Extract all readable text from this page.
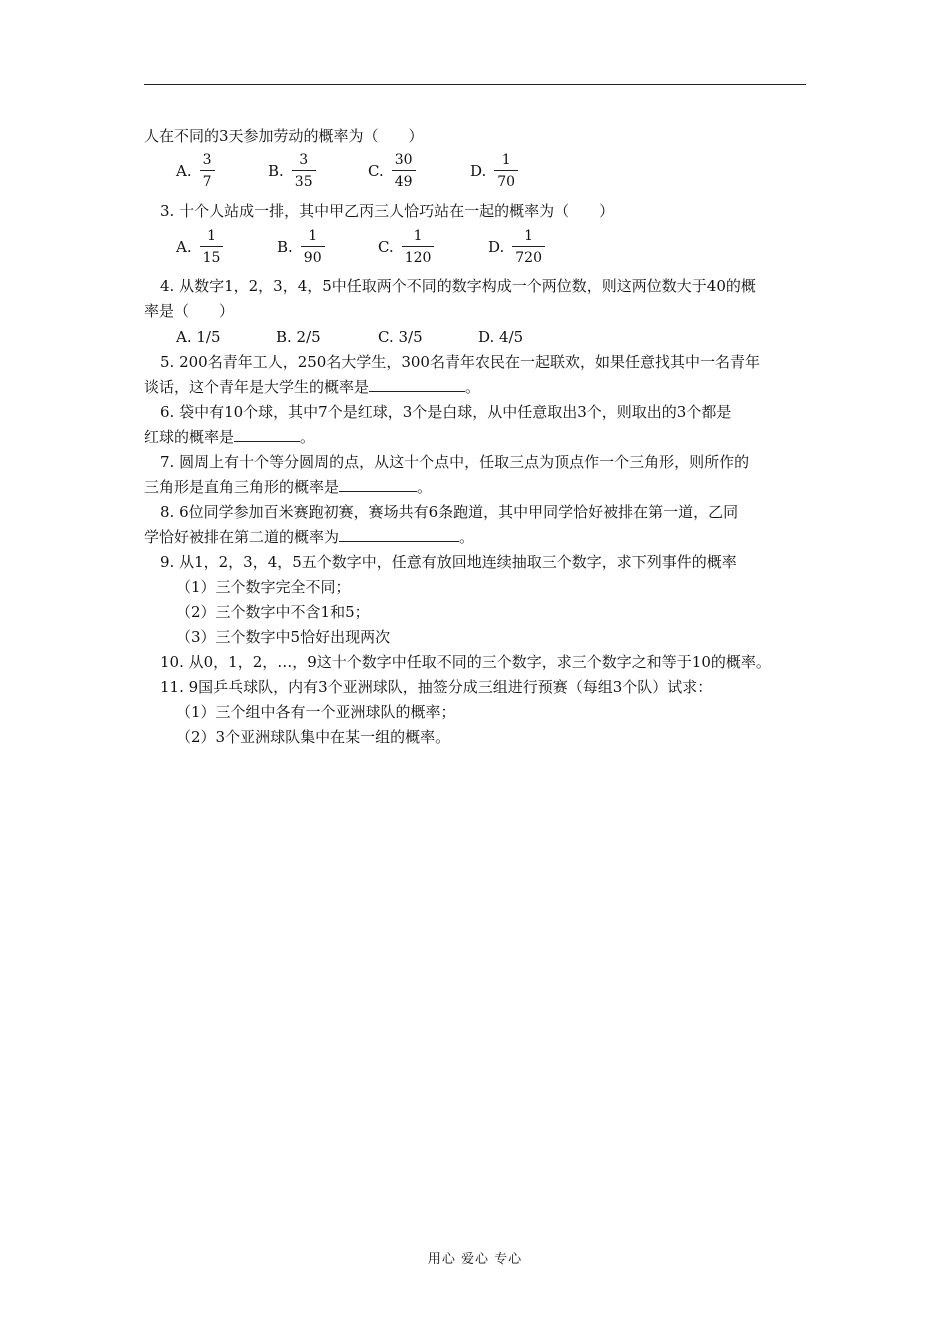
人在不同的3天参加劳动的概率为（　　）
A. $\frac{3}{7}$	B. $\frac{3}{35}$	C. $\frac{30}{49}$	D. $\frac{1}{70}$
3. 十个人站成一排，其中甲乙丙三人恰巧站在一起的概率为（　　）
A. $\frac{1}{15}$	B. $\frac{1}{90}$	C. $\frac{1}{120}$	D. $\frac{1}{720}$
4. 从数字1，2，3，4，5中任取两个不同的数字构成一个两位数，则这两位数大于40的概
率是（　　）
A. 1/5	B. 2/5	C. 3/5	D. 4/5
5. 200名青年工人，250名大学生，300名青年农民在一起联欢，如果任意找其中一名青年
谈话，这个青年是大学生的概率是	。
6. 袋中有10个球，其中7个是红球，3个是白球，从中任意取出3个，则取出的3个都是
红球的概率是	。
7. 圆周上有十个等分圆周的点，从这十个点中，任取三点为顶点作一个三角形，则所作的
三角形是直角三角形的概率是	。
8. 6位同学参加百米赛跑初赛，赛场共有6条跑道，其中甲同学恰好被排在第一道，乙同
学恰好被排在第二道的概率为	。
9. 从1，2，3，4，5五个数字中，任意有放回地连续抽取三个数字，求下列事件的概率
（1）三个数字完全不同；
（2）三个数字中不含1和5；
（3）三个数字中5恰好出现两次
10. 从0，1，2，…，9这十个数字中任取不同的三个数字，求三个数字之和等于10的概率。
11. 9国乒乓球队，内有3个亚洲球队，抽签分成三组进行预赛（每组3个队）试求：
（1）三个组中各有一个亚洲球队的概率；
（2）3个亚洲球队集中在某一组的概率。
用心 爱心 专心
